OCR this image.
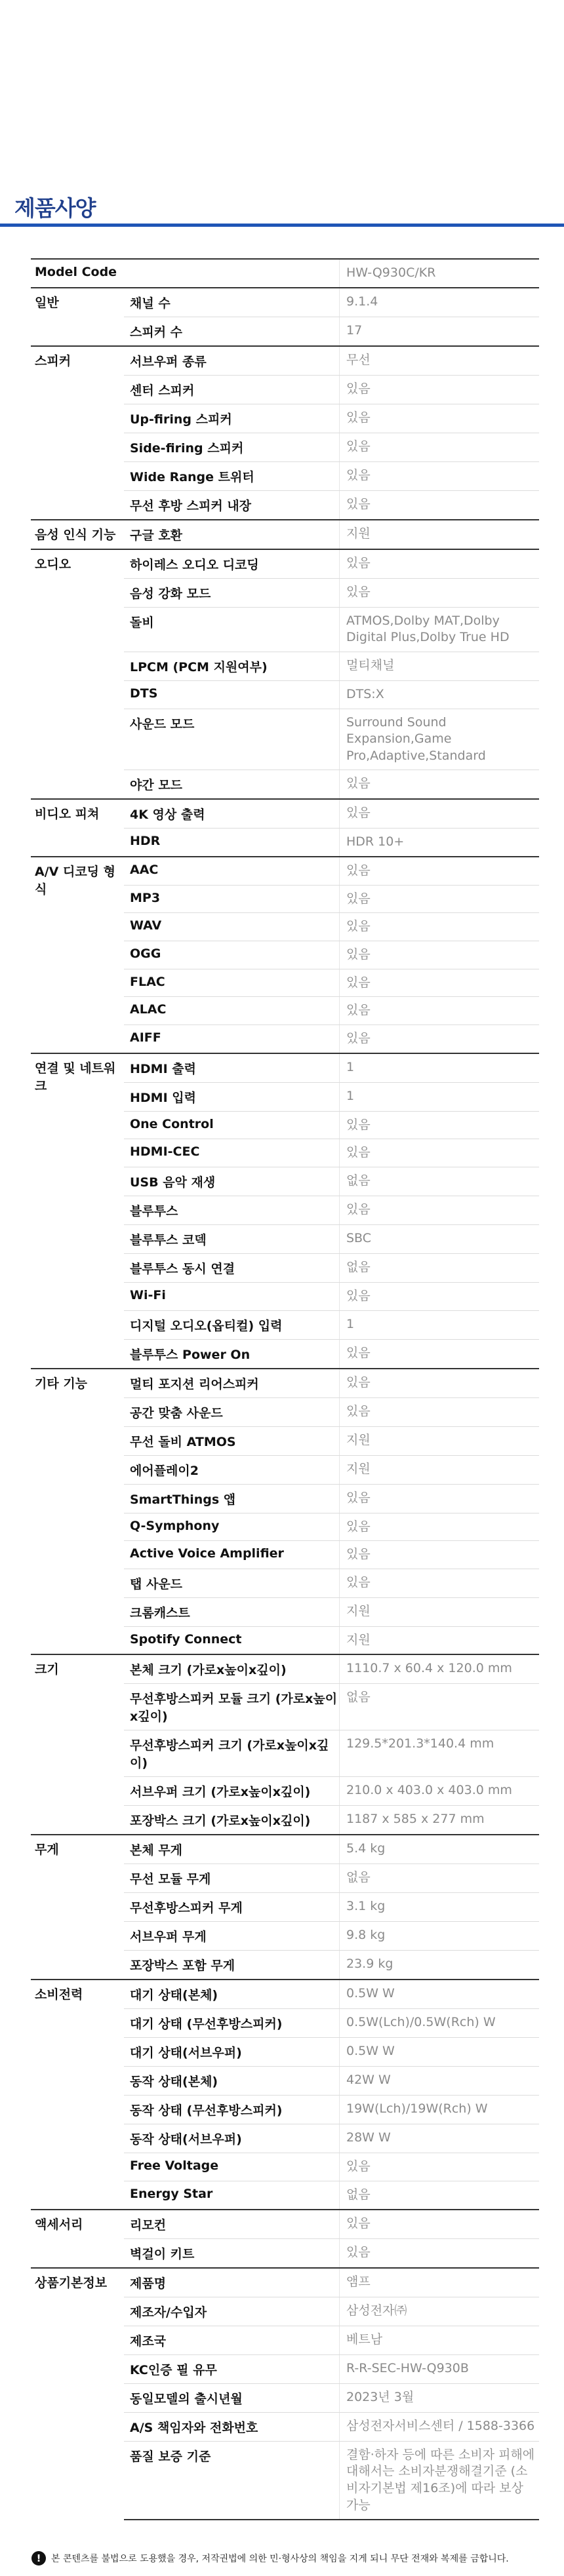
제품사양
Model Code		HW-Q930C/KR
일반	채널 수	9.1.4
	스피커 수	17
스피커	서브우퍼 종류	무선
	센터 스피커	있음
	Up-firing 스피커	있음
	Side-firing 스피커	있음
	Wide Range 트위터	있음
	무선 후방 스피커 내장	있음
음성 인식 기능	구글 호환	지원
오디오	하이레스 오디오 디코딩	있음
	음성 강화 모드	있음
	돌비	ATMOS,Dolby MAT,Dolby Digital Plus,Dolby True HD
	LPCM (PCM 지원여부)	멀티채널
	DTS	DTS:X
	사운드 모드	Surround Sound Expansion,Game Pro,Adaptive,Standard
	야간 모드	있음
비디오 피쳐	4K 영상 출력	있음
	HDR	HDR 10+
A/V 디코딩 형식	AAC	있음
	MP3	있음
	WAV	있음
	OGG	있음
	FLAC	있음
	ALAC	있음
	AIFF	있음
연결 및 네트워크	HDMI 출력	1
	HDMI 입력	1
	One Control	있음
	HDMI-CEC	있음
	USB 음악 재생	없음
	블루투스	있음
	블루투스 코덱	SBC
	블루투스 동시 연결	없음
	Wi-Fi	있음
	디지털 오디오(옵티컬) 입력	1
	블루투스 Power On	있음
기타 기능	멀티 포지션 리어스피커	있음
	공간 맞춤 사운드	있음
	무선 돌비 ATMOS	지원
	에어플레이2	지원
	SmartThings 앱	있음
	Q-Symphony	있음
	Active Voice Amplifier	있음
	탭 사운드	있음
	크롬캐스트	지원
	Spotify Connect	지원
크기	본체 크기 (가로x높이x깊이)	1110.7 x 60.4 x 120.0 mm
	무선후방스피커 모듈 크기 (가로x높이x깊이)	없음
	무선후방스피커 크기 (가로x높이x깊이)	129.5*201.3*140.4 mm
	서브우퍼 크기 (가로x높이x깊이)	210.0 x 403.0 x 403.0 mm
	포장박스 크기 (가로x높이x깊이)	1187 x 585 x 277 mm
무게	본체 무게	5.4 kg
	무선 모듈 무게	없음
	무선후방스피커 무게	3.1 kg
	서브우퍼 무게	9.8 kg
	포장박스 포함 무게	23.9 kg
소비전력	대기 상태(본체)	0.5W W
	대기 상태 (무선후방스피커)	0.5W(Lch)/0.5W(Rch) W
	대기 상태(서브우퍼)	0.5W W
	동작 상태(본체)	42W W
	동작 상태 (무선후방스피커)	19W(Lch)/19W(Rch) W
	동작 상태(서브우퍼)	28W W
	Free Voltage	있음
	Energy Star	없음
액세서리	리모컨	있음
	벽걸이 키트	있음
상품기본정보	제품명	앰프
	제조자/수입자	삼성전자㈜
	제조국	베트남
	KC인증 필 유무	R-R-SEC-HW-Q930B
	동일모델의 출시년월	2023년 3월
	A/S 책임자와 전화번호	삼성전자서비스센터 / 1588-3366
	품질 보증 기준	결함·하자 등에 따른 소비자 피해에 대해서는 소비자분쟁해결기준 (소비자기본법 제16조)에 따라 보상 가능
!	본 콘텐츠를 불법으로 도용했을 경우, 저작권법에 의한 민·형사상의 책임을 지게 되니 무단 전재와 복제를 금합니다.
